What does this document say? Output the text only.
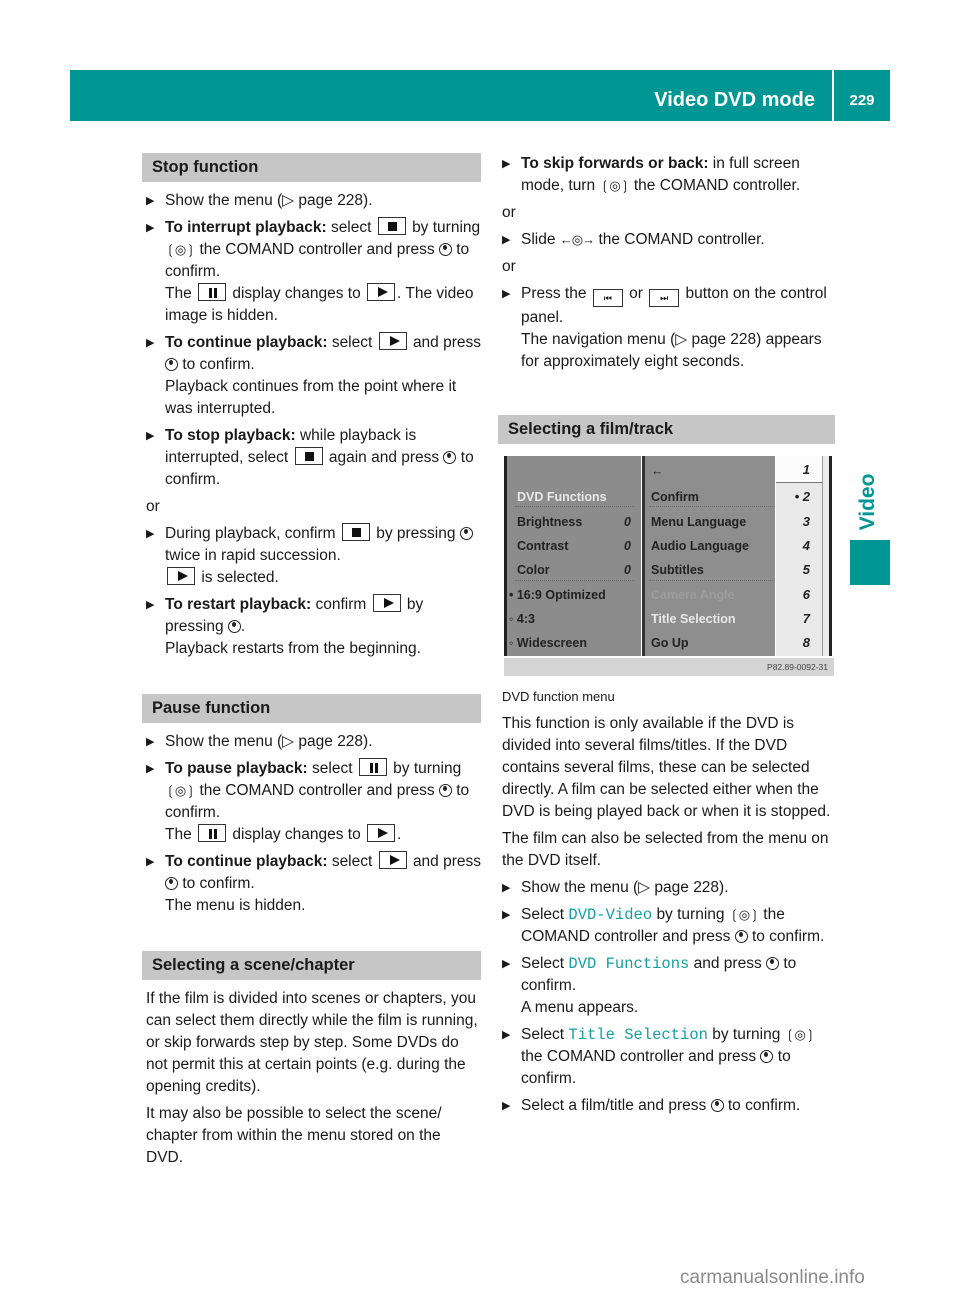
Video DVD mode	229
Video
Stop function
▶ Show the menu (▷ page 228).
▶ To interrupt playback: select	by turning ❲◎❳ the COMAND controller and press to confirm.
The	display changes to . The video image is hidden.
▶ To continue playback: select	and press  to confirm.
Playback continues from the point where it was interrupted.
▶ To stop playback: while playback is interrupted, select	again and press to confirm.
or
▶ During playback, confirm	by pressing  twice in rapid succession.
is selected.
▶ To restart playback: confirm	by pressing .
Playback restarts from the beginning.
Pause function
▶ Show the menu (▷ page 228).
▶ To pause playback: select	by turning ❲◎❳ the COMAND controller and press to confirm.
The	display changes to .
▶ To continue playback: select	and press  to confirm.
The menu is hidden.
Selecting a scene/chapter

If the film is divided into scenes or chapters, you can select them directly while the film is running, or skip forwards step by step. Some DVDs do not permit this at certain points (e.g. during the opening credits).

It may also be possible to select the scene/ chapter from within the menu stored on the DVD.

▶ To skip forwards or back: in full screen mode, turn ❲◎❳ the COMAND controller.
or
▶ Slide ←◎→ the COMAND controller.
or
▶ Press the ⏮ or ⏭ button on the control panel.
The navigation menu (▷ page 228) appears for approximately eight seconds.
Selecting a film/track
DVD Functions
Brightness	0
Contrast	0
Color	0
• 16:9 Optimized
◦ 4:3
◦ Widescreen
←
Confirm
Menu Language
Audio Language
Subtitles
Camera Angle
Title Selection
Go Up
1
• 2
3
4
5
6
7
8
P82.89-0092-31
DVD function menu

This function is only available if the DVD is divided into several films/titles. If the DVD contains several films, these can be selected directly. A film can be selected either when the DVD is being played back or when it is stopped.

The film can also be selected from the menu on the DVD itself.

▶ Show the menu (▷ page 228).
▶ Select DVD-Video by turning ❲◎❳ the COMAND controller and press to confirm.
▶ Select DVD Functions and press to confirm.
A menu appears.
▶ Select Title Selection by turning ❲◎❳ the COMAND controller and press to confirm.
▶ Select a film/title and press to confirm.
carmanualsonline.info
